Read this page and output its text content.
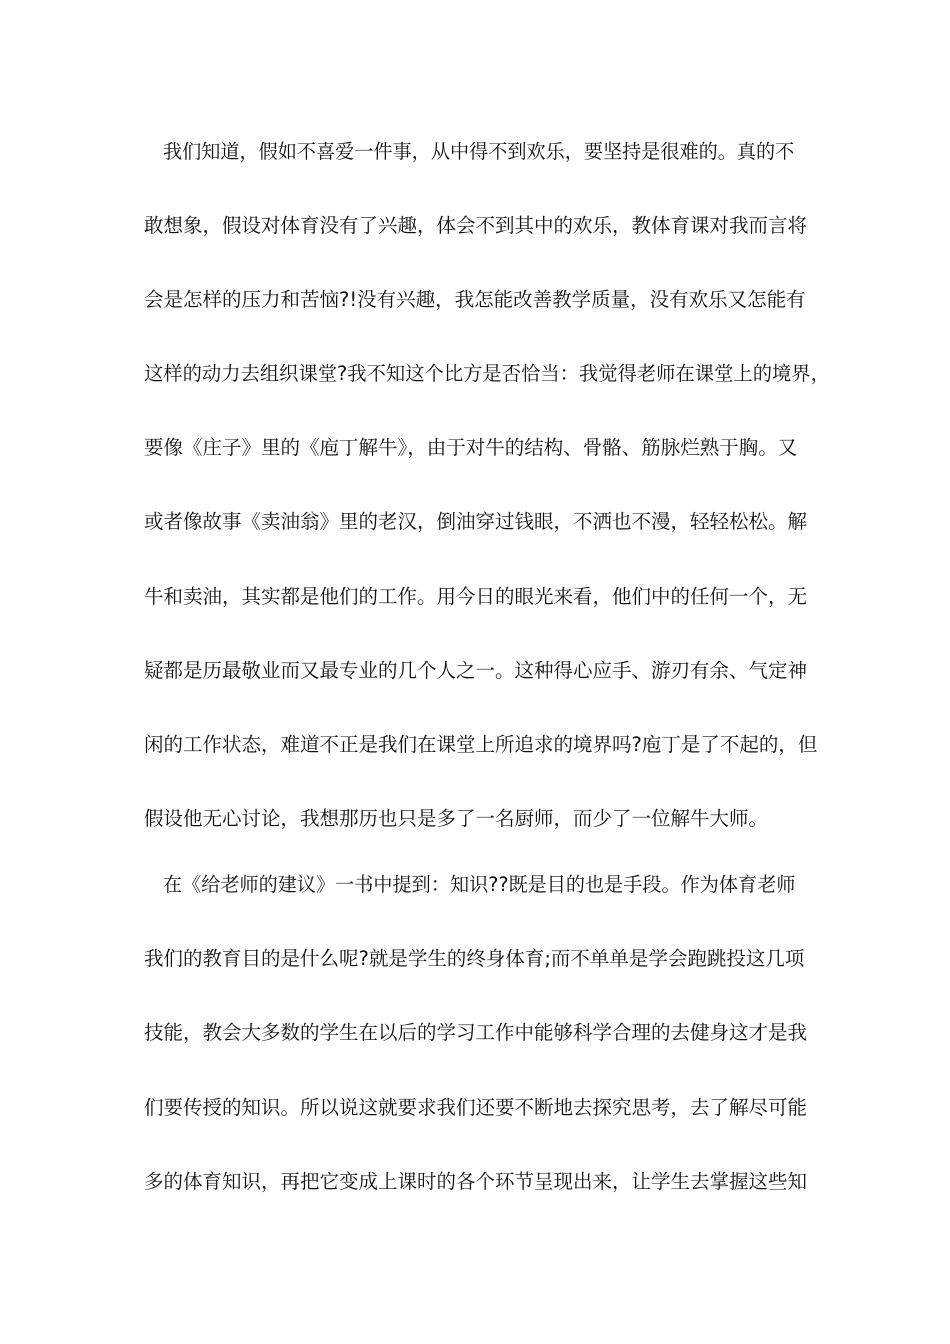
我们知道，假如不喜爱一件事，从中得不到欢乐，要坚持是很难的。真的不
敢想象，假设对体育没有了兴趣，体会不到其中的欢乐，教体育课对我而言将
会是怎样的压力和苦恼?!没有兴趣，我怎能改善教学质量，没有欢乐又怎能有
这样的动力去组织课堂?我不知这个比方是否恰当：我觉得老师在课堂上的境界，
要像《庄子》里的《庖丁解牛》，由于对牛的结构、骨骼、筋脉烂熟于胸。又
或者像故事《卖油翁》里的老汉，倒油穿过钱眼，不洒也不漫，轻轻松松。解
牛和卖油，其实都是他们的工作。用今日的眼光来看，他们中的任何一个，无
疑都是历最敬业而又最专业的几个人之一。这种得心应手、游刃有余、气定神
闲的工作状态，难道不正是我们在课堂上所追求的境界吗?庖丁是了不起的，但
假设他无心讨论，我想那历也只是多了一名厨师，而少了一位解牛大师。
在《给老师的建议》一书中提到：知识??既是目的也是手段。作为体育老师
我们的教育目的是什么呢?就是学生的终身体育;而不单单是学会跑跳投这几项
技能，教会大多数的学生在以后的学习工作中能够科学合理的去健身这才是我
们要传授的知识。所以说这就要求我们还要不断地去探究思考，去了解尽可能
多的体育知识，再把它变成上课时的各个环节呈现出来，让学生去掌握这些知
